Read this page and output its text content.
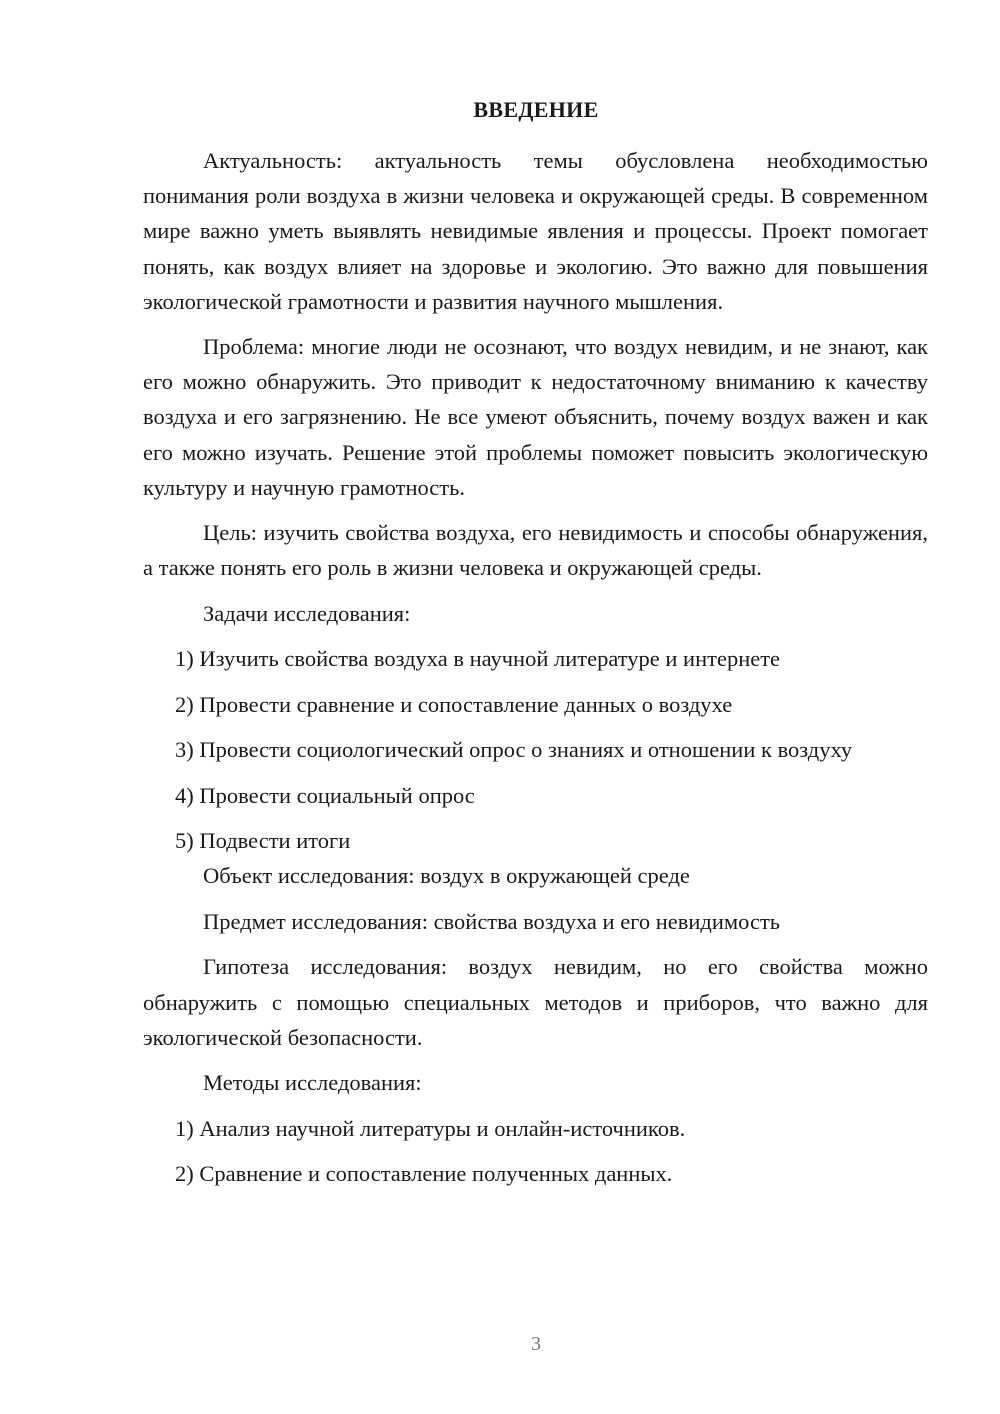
ВВЕДЕНИЕ

Актуальность: актуальность темы обусловлена необходимостью понимания роли воздуха в жизни человека и окружающей среды. В современном мире важно уметь выявлять невидимые явления и процессы. Проект помогает понять, как воздух влияет на здоровье и экологию. Это важно для повышения экологической грамотности и развития научного мышления.

Проблема: многие люди не осознают, что воздух невидим, и не знают, как его можно обнаружить. Это приводит к недостаточному вниманию к качеству воздуха и его загрязнению. Не все умеют объяснить, почему воздух важен и как его можно изучать. Решение этой проблемы поможет повысить экологическую культуру и научную грамотность.

Цель: изучить свойства воздуха, его невидимость и способы обнаружения, а также понять его роль в жизни человека и окружающей среды.

Задачи исследования:

1) Изучить свойства воздуха в научной литературе и интернете

2) Провести сравнение и сопоставление данных о воздухе

3) Провести социологический опрос о знаниях и отношении к воздуху

4) Провести социальный опрос

5) Подвести итоги

Объект исследования: воздух в окружающей среде

Предмет исследования: свойства воздуха и его невидимость

Гипотеза исследования: воздух невидим, но его свойства можно обнаружить с помощью специальных методов и приборов, что важно для экологической безопасности.

Методы исследования:

1) Анализ научной литературы и онлайн-источников.

2) Сравнение и сопоставление полученных данных.

3
